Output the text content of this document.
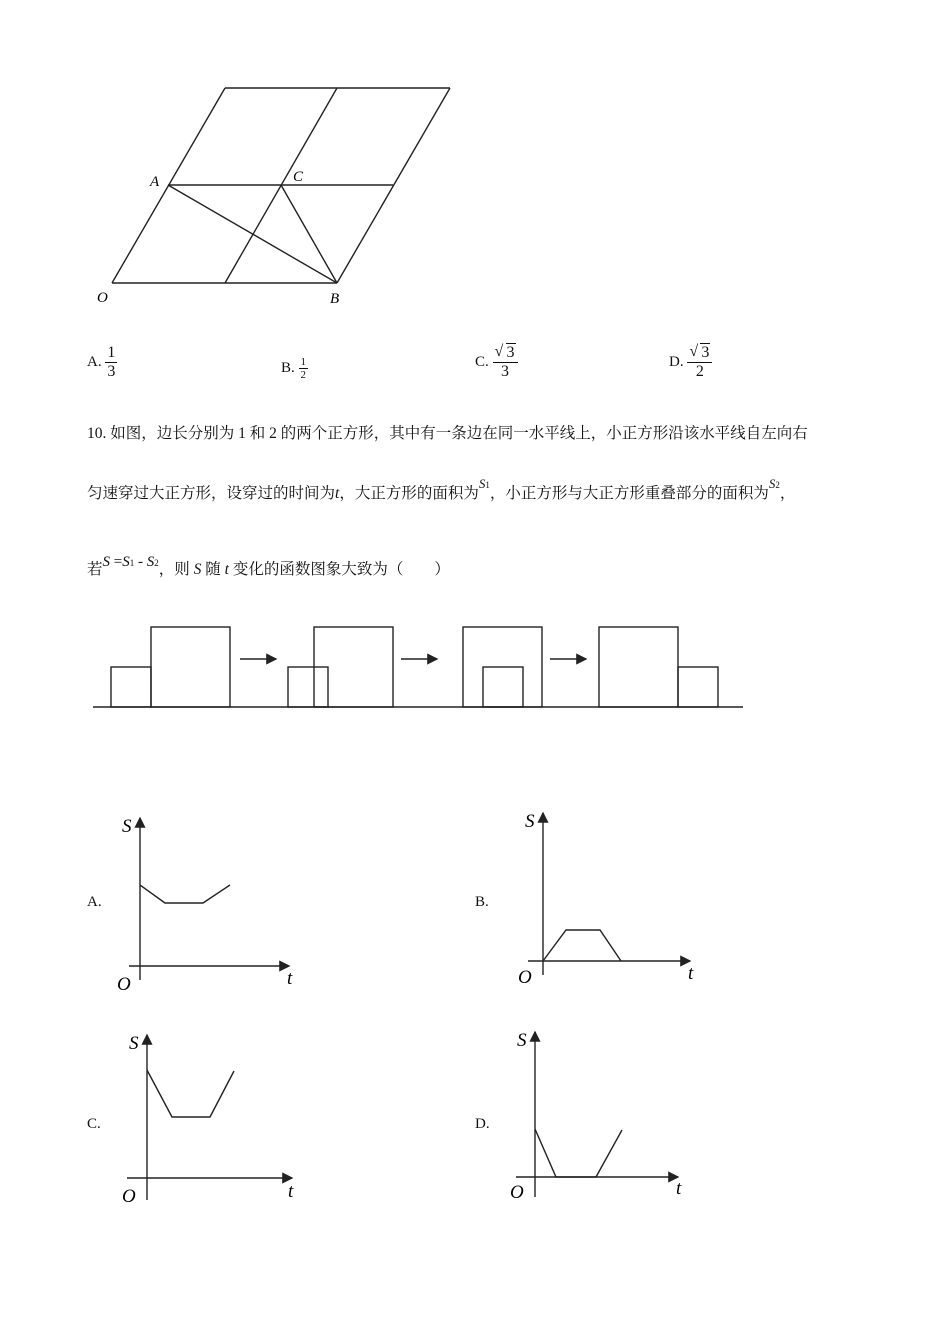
A	C
O	B
A. $\frac{1}{3}$	B. $\frac{1}{2}$	C. $\frac{√ 3}{3}$	D. $\frac{√ 3}{2}$
10. 如图，边长分别为 1 和 2 的两个正方形，其中有一条边在同一水平线上，小正方形沿该水平线自左向右
匀速穿过大正方形，设穿过的时间为t，大正方形的面积为S1，小正方形与大正方形重叠部分的面积为S2，
若S =S1 - S2，则 S 随 t 变化的函数图象大致为（　　）
A.
S
t
O
B.
S
t
O
C.
S
t
O
D.
S
t
O
